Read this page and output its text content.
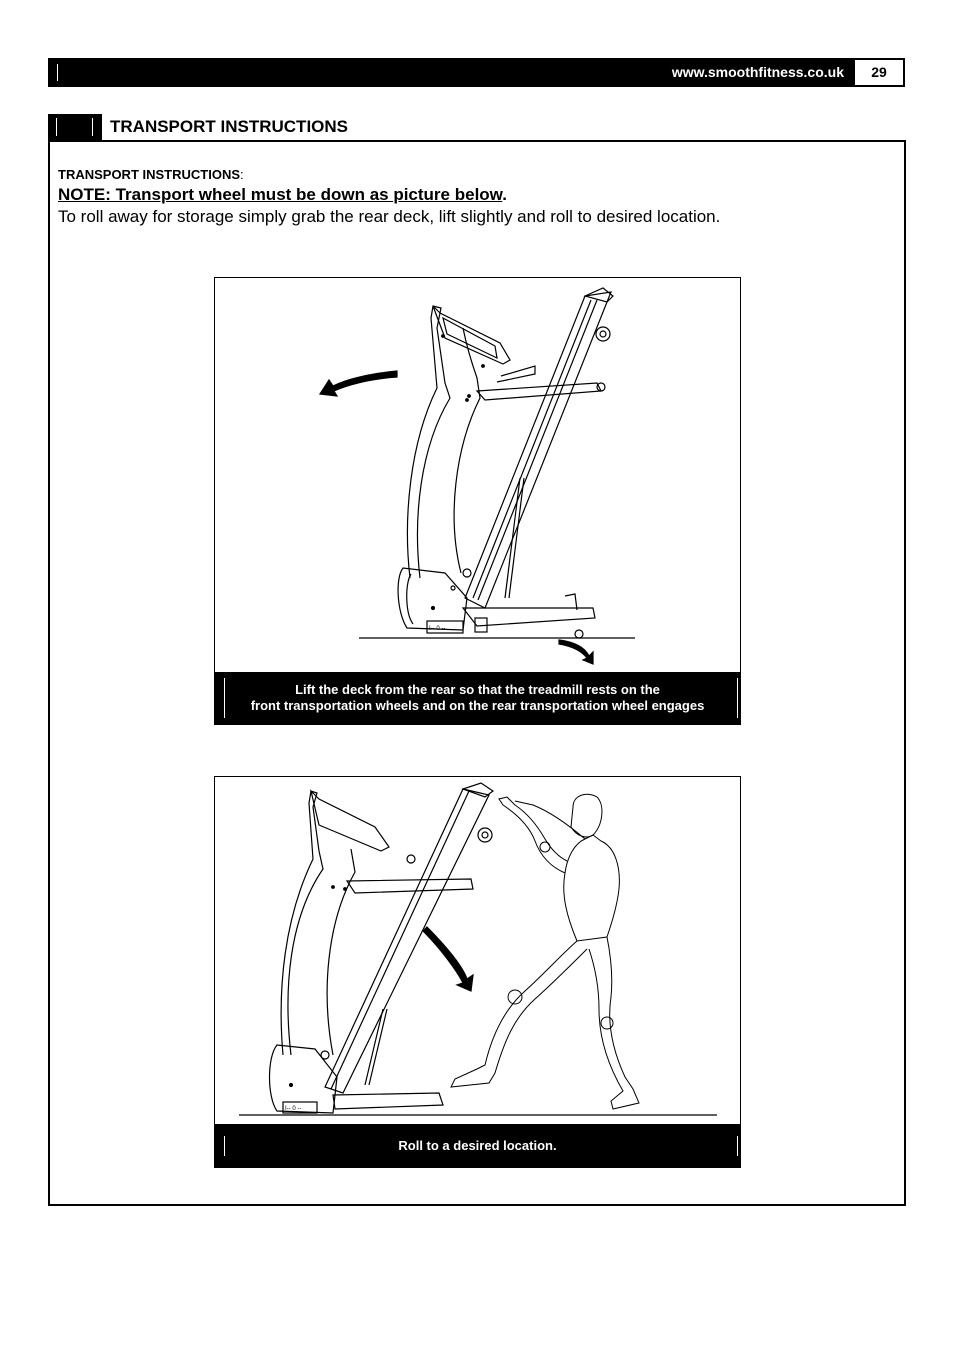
www.smoothfitness.co.uk	29
TRANSPORT INSTRUCTIONS
TRANSPORT INSTRUCTIONS:
NOTE: Transport wheel must be down as picture below.
To roll away for storage simply grab the rear deck, lift slightly and roll to desired location.
I-- 0 --

Lift the deck from the rear so that the treadmill rests on the

front transportation wheels and on the rear transportation wheel engages

I-- 0 --

Roll to a desired location.
